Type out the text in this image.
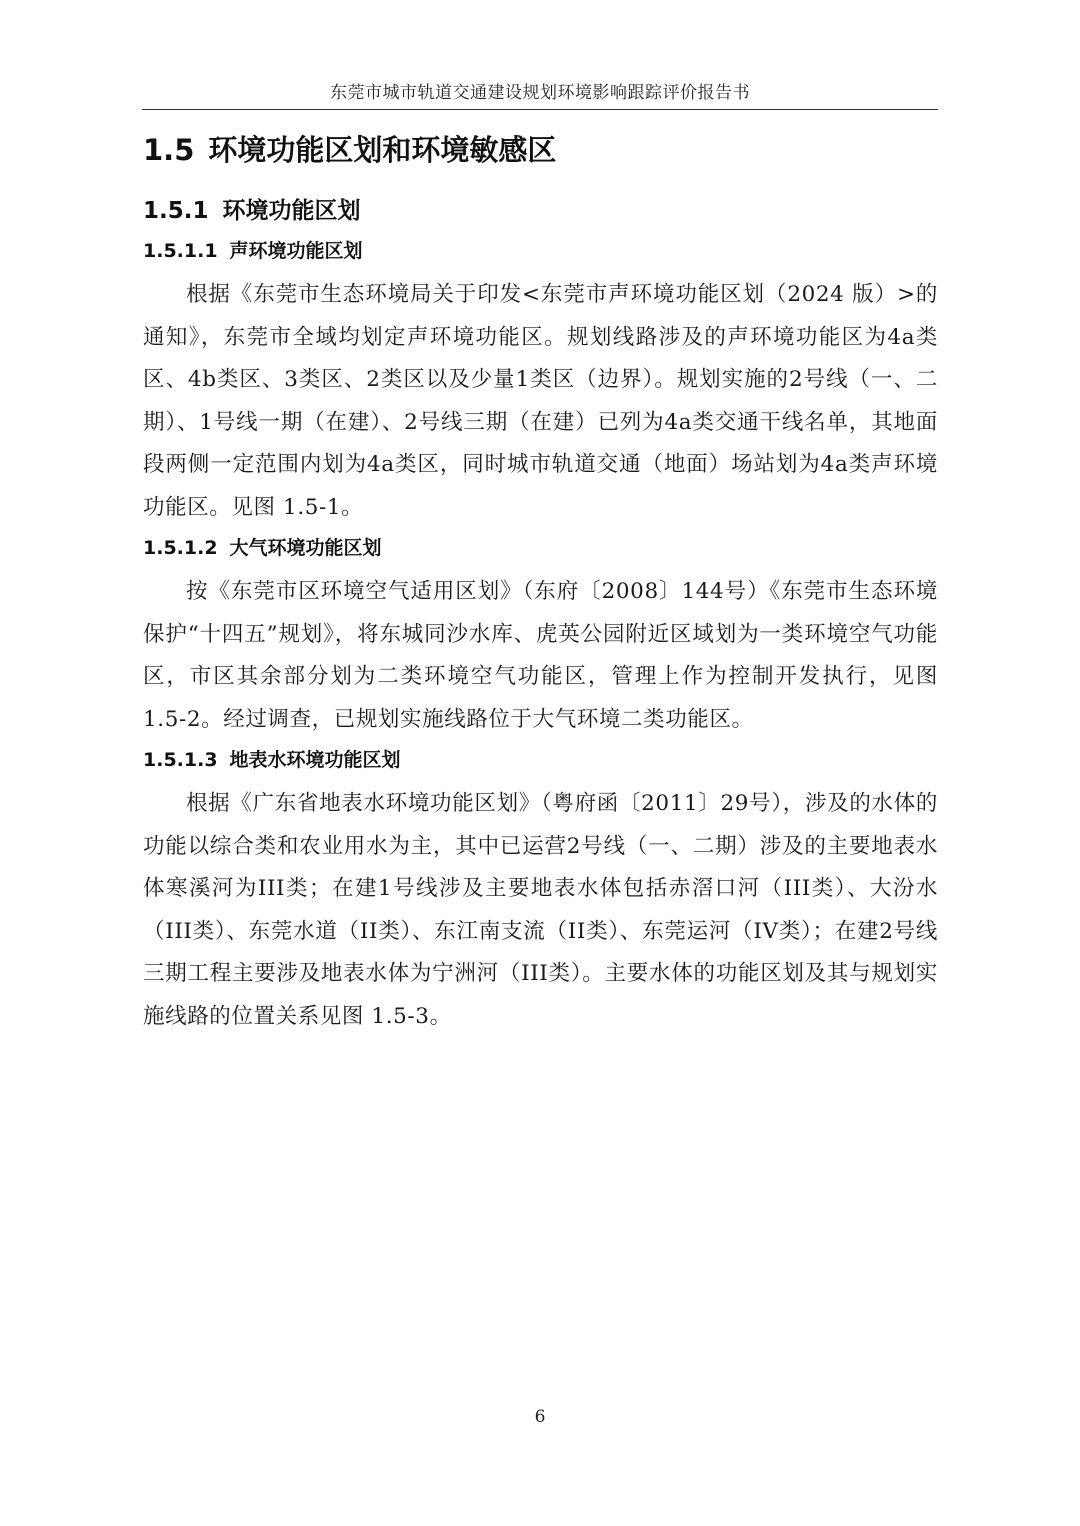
东莞市城市轨道交通建设规划环境影响跟踪评价报告书
1.5 环境功能区划和环境敏感区
1.5.1 环境功能区划
1.5.1.1 声环境功能区划

根据《东莞市生态环境局关于印发<东莞市声环境功能区划（2024 版）>的通知》，东莞市全域均划定声环境功能区。规划线路涉及的声环境功能区为4a类区、4b类区、3类区、2类区以及少量1类区（边界）。规划实施的2号线（一、二期）、1号线一期（在建）、2号线三期（在建）已列为4a类交通干线名单，其地面段两侧一定范围内划为4a类区，同时城市轨道交通（地面）场站划为4a类声环境功能区。见图 1.5-1。

1.5.1.2 大气环境功能区划

按《东莞市区环境空气适用区划》（东府〔2008〕144号）《东莞市生态环境保护“十四五”规划》，将东城同沙水库、虎英公园附近区域划为一类环境空气功能区，市区其余部分划为二类环境空气功能区，管理上作为控制开发执行，见图 1.5-2。经过调查，已规划实施线路位于大气环境二类功能区。

1.5.1.3 地表水环境功能区划

根据《广东省地表水环境功能区划》（粤府函〔2011〕29号），涉及的水体的功能以综合类和农业用水为主，其中已运营2号线（一、二期）涉及的主要地表水体寒溪河为III类；在建1号线涉及主要地表水体包括赤滘口河（III类）、大汾水（III类）、东莞水道（II类）、东江南支流（II类）、东莞运河（IV类）；在建2号线三期工程主要涉及地表水体为宁洲河（III类）。主要水体的功能区划及其与规划实施线路的位置关系见图 1.5-3。

6
